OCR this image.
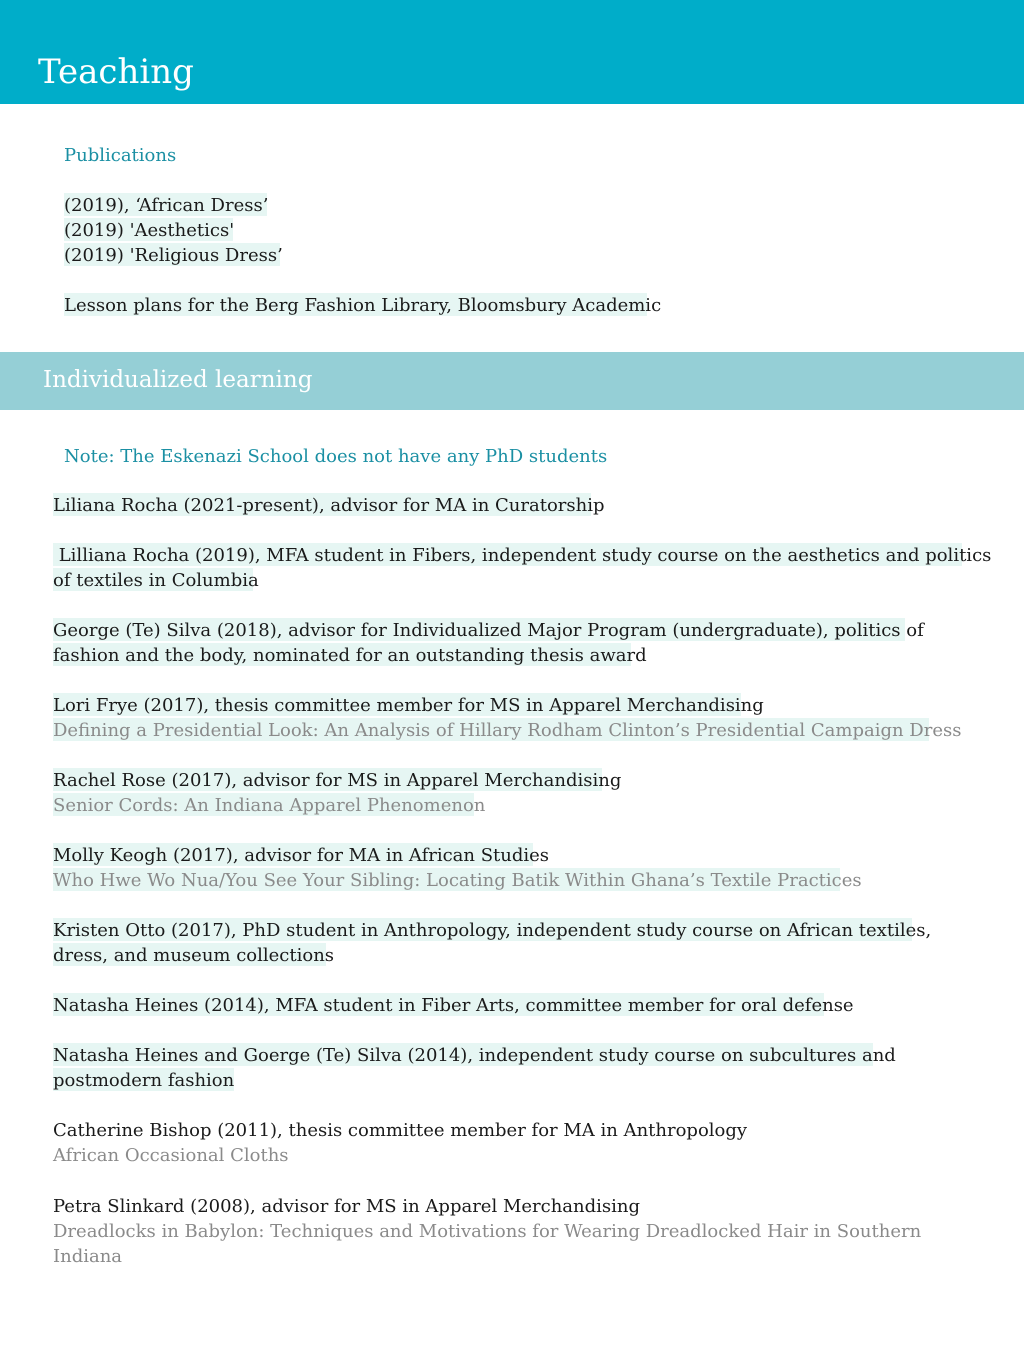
Teaching
Publications
(2019), ‘African Dress’
(2019) 'Aesthetics'
(2019) 'Religious Dress’
Lesson plans for the Berg Fashion Library, Bloomsbury Academic
Individualized learning
Note: The Eskenazi School does not have any PhD students
Liliana Rocha (2021-present), advisor for MA in Curatorship
Lilliana Rocha (2019), MFA student in Fibers, independent study course on the aesthetics and politics
of textiles in Columbia
George (Te) Silva (2018), advisor for Individualized Major Program (undergraduate), politics of
fashion and the body, nominated for an outstanding thesis award
Lori Frye (2017), thesis committee member for MS in Apparel Merchandising
Defining a Presidential Look: An Analysis of Hillary Rodham Clinton’s Presidential Campaign Dress
Rachel Rose (2017), advisor for MS in Apparel Merchandising
Senior Cords: An Indiana Apparel Phenomenon
Molly Keogh (2017), advisor for MA in African Studies
Who Hwe Wo Nua/You See Your Sibling: Locating Batik Within Ghana’s Textile Practices
Kristen Otto (2017), PhD student in Anthropology, independent study course on African textiles,
dress, and museum collections
Natasha Heines (2014), MFA student in Fiber Arts, committee member for oral defense
Natasha Heines and Goerge (Te) Silva (2014), independent study course on subcultures and
postmodern fashion
Catherine Bishop (2011), thesis committee member for MA in Anthropology
African Occasional Cloths
Petra Slinkard (2008), advisor for MS in Apparel Merchandising
Dreadlocks in Babylon: Techniques and Motivations for Wearing Dreadlocked Hair in Southern
Indiana
